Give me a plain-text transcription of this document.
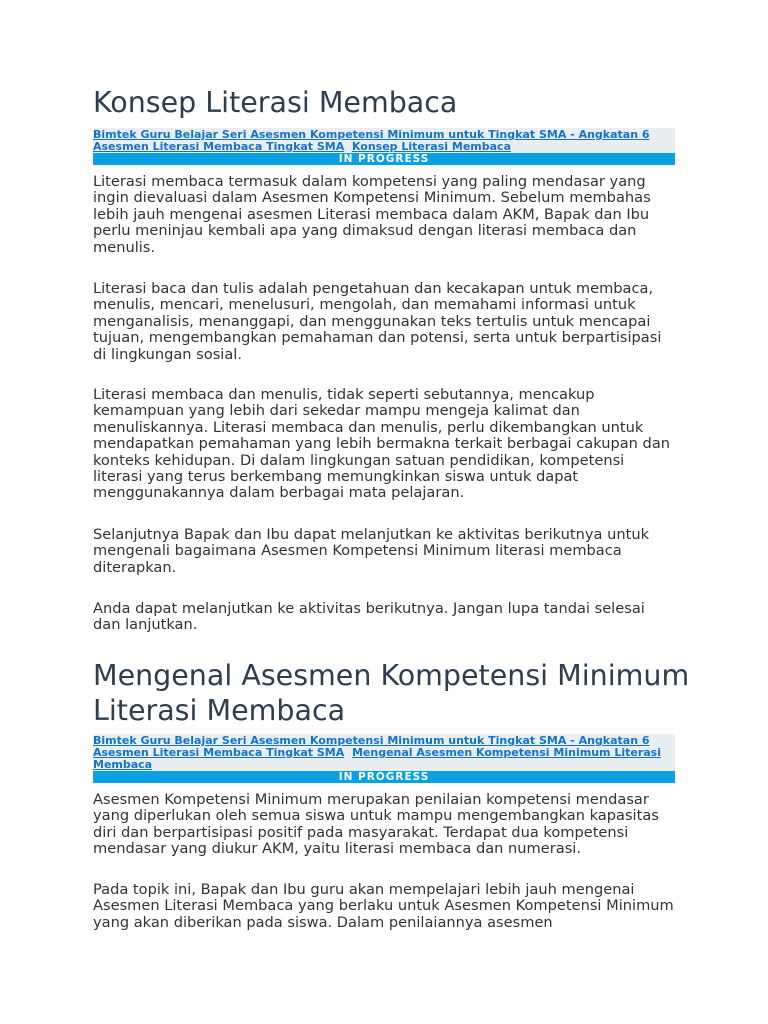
Konsep Literasi Membaca
Bimtek Guru Belajar Seri Asesmen Kompetensi Minimum untuk Tingkat SMA - Angkatan 6  Asesmen Literasi Membaca Tingkat SMA Konsep Literasi Membaca
IN PROGRESS

Literasi membaca termasuk dalam kompetensi yang paling mendasar yang ingin dievaluasi dalam Asesmen Kompetensi Minimum. Sebelum membahas lebih jauh mengenai asesmen Literasi membaca dalam AKM, Bapak dan Ibu perlu meninjau kembali apa yang dimaksud dengan literasi membaca dan menulis.

Literasi baca dan tulis adalah pengetahuan dan kecakapan untuk membaca, menulis, mencari, menelusuri, mengolah, dan memahami informasi untuk menganalisis, menanggapi, dan menggunakan teks tertulis untuk mencapai tujuan, mengembangkan pemahaman dan potensi, serta untuk berpartisipasi di lingkungan sosial.

Literasi membaca dan menulis, tidak seperti sebutannya, mencakup kemampuan yang lebih dari sekedar mampu mengeja kalimat dan menuliskannya. Literasi membaca dan menulis, perlu dikembangkan untuk mendapatkan pemahaman yang lebih bermakna terkait berbagai cakupan dan konteks kehidupan. Di dalam lingkungan satuan pendidikan, kompetensi literasi yang terus berkembang memungkinkan siswa untuk dapat menggunakannya dalam berbagai mata pelajaran.

Selanjutnya Bapak dan Ibu dapat melanjutkan ke aktivitas berikutnya untuk mengenali bagaimana Asesmen Kompetensi Minimum literasi membaca diterapkan.

Anda dapat melanjutkan ke aktivitas berikutnya. Jangan lupa tandai selesai dan lanjutkan.

Mengenal Asesmen Kompetensi Minimum Literasi Membaca
Bimtek Guru Belajar Seri Asesmen Kompetensi Minimum untuk Tingkat SMA - Angkatan 6  Asesmen Literasi Membaca Tingkat SMA Mengenal Asesmen Kompetensi Minimum Literasi Membaca
IN PROGRESS

Asesmen Kompetensi Minimum merupakan penilaian kompetensi mendasar yang diperlukan oleh semua siswa untuk mampu mengembangkan kapasitas diri dan berpartisipasi positif pada masyarakat. Terdapat dua kompetensi mendasar yang diukur AKM, yaitu literasi membaca dan numerasi.

Pada topik ini, Bapak dan Ibu guru akan mempelajari lebih jauh mengenai Asesmen Literasi Membaca yang berlaku untuk Asesmen Kompetensi Minimum yang akan diberikan pada siswa. Dalam penilaiannya asesmen
